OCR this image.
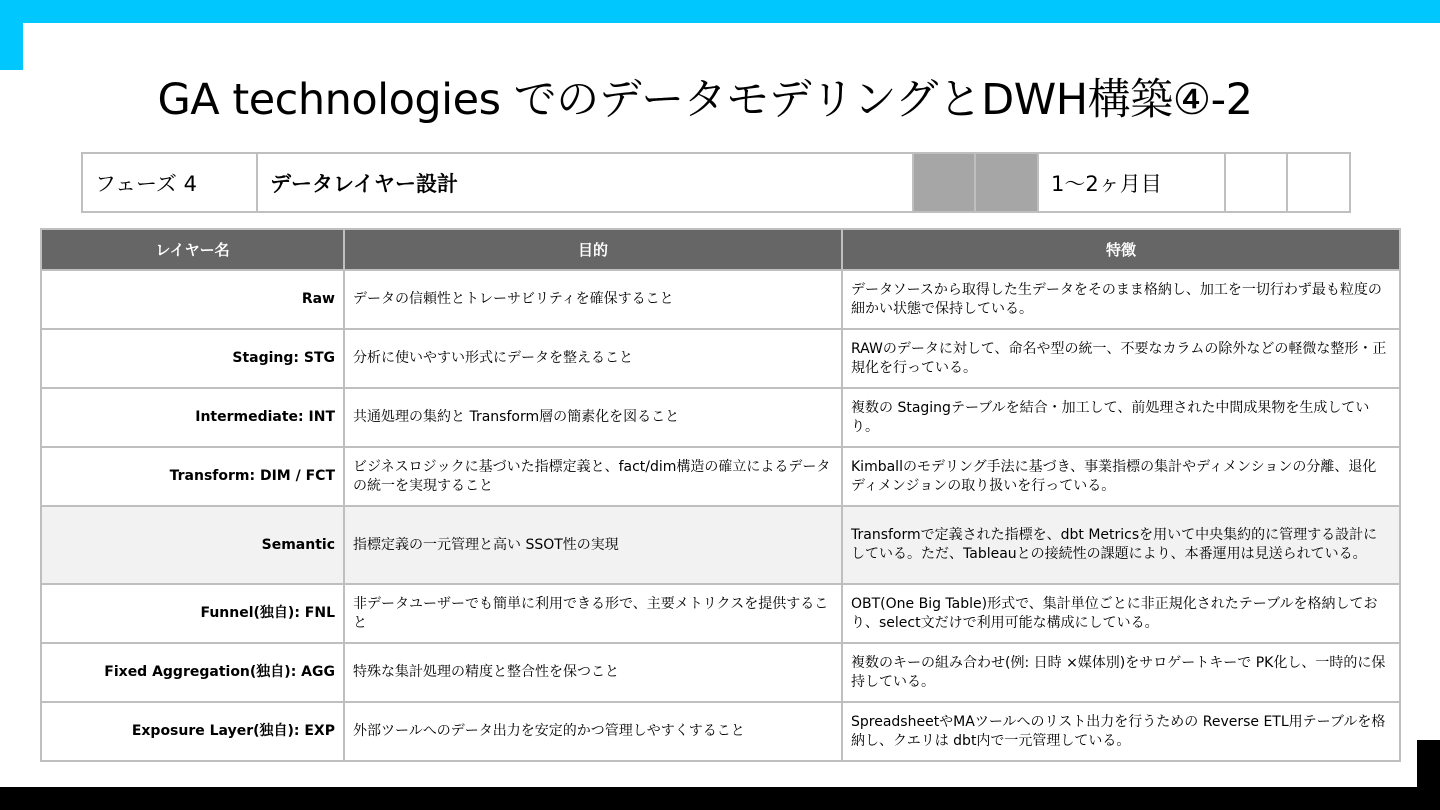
GA technologies でのデータモデリングとDWH構築④-2
フェーズ 4	データレイヤー設計			1〜2ヶ月目		
レイヤー名	目的	特徴
Raw	データの信頼性とトレーサビリティを確保すること	データソースから取得した生データをそのまま格納し、加工を一切行わず最も粒度の細かい状態で保持している。
Staging: STG	分析に使いやすい形式にデータを整えること	RAWのデータに対して、命名や型の統一、不要なカラムの除外などの軽微な整形・正規化を行っている。
Intermediate: INT	共通処理の集約と Transform層の簡素化を図ること	複数の Stagingテーブルを結合・加工して、前処理された中間成果物を生成していり。
Transform: DIM / FCT	ビジネスロジックに基づいた指標定義と、fact/dim構造の確立によるデータの統一を実現すること	Kimballのモデリング手法に基づき、事業指標の集計やディメンションの分離、退化ディメンジョンの取り扱いを行っている。
Semantic	指標定義の一元管理と高い SSOT性の実現	Transformで定義された指標を、dbt Metricsを用いて中央集約的に管理する設計にしている。ただ、Tableauとの接続性の課題により、本番運用は見送られている。
Funnel(独自): FNL	非データユーザーでも簡単に利用できる形で、主要メトリクスを提供すること	OBT(One Big Table)形式で、集計単位ごとに非正規化されたテーブルを格納しており、select文だけで利用可能な構成にしている。
Fixed Aggregation(独自): AGG	特殊な集計処理の精度と整合性を保つこと	複数のキーの組み合わせ(例: 日時 ×媒体別)をサロゲートキーで PK化し、一時的に保持している。
Exposure Layer(独自): EXP	外部ツールへのデータ出力を安定的かつ管理しやすくすること	SpreadsheetやMAツールへのリスト出力を行うための Reverse ETL用テーブルを格納し、クエリは dbt内で一元管理している。
